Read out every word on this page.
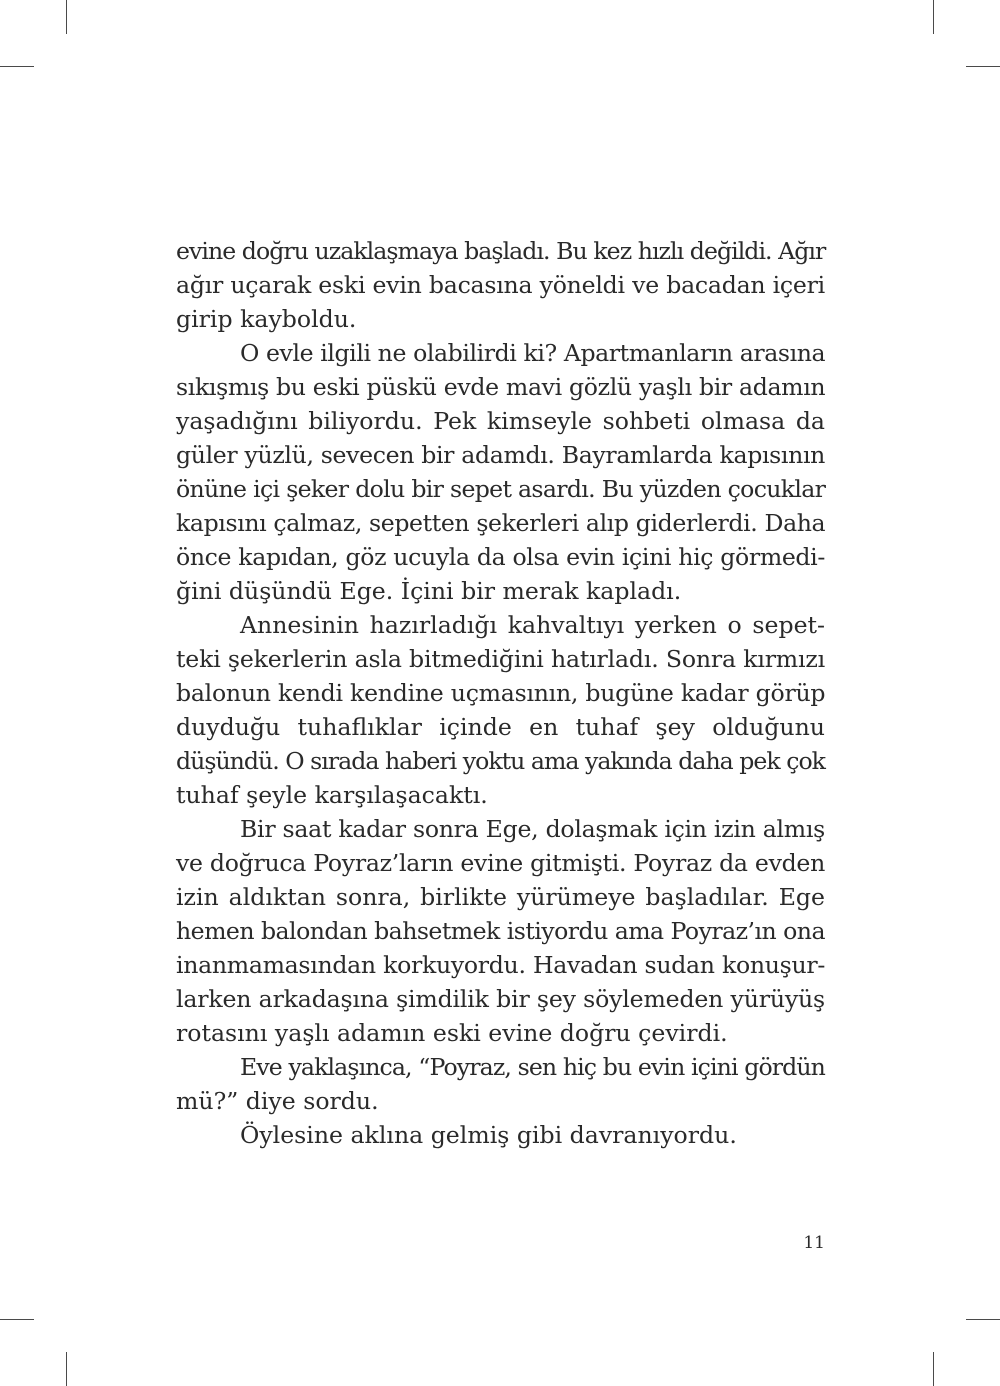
evine doğru uzaklaşmaya başladı. Bu kez hızlı değildi. Ağır
ağır uçarak eski evin bacasına yöneldi ve bacadan içeri
girip kayboldu.

O evle ilgili ne olabilirdi ki? Apartmanların arasına
sıkışmış bu eski püskü evde mavi gözlü yaşlı bir adamın
yaşadığını biliyordu. Pek kimseyle sohbeti olmasa da
güler yüzlü, sevecen bir adamdı. Bayramlarda kapısının
önüne içi şeker dolu bir sepet asardı. Bu yüzden çocuklar
kapısını çalmaz, sepetten şekerleri alıp giderlerdi. Daha
önce kapıdan, göz ucuyla da olsa evin içini hiç görmedi-
ğini düşündü Ege. İçini bir merak kapladı.

Annesinin hazırladığı kahvaltıyı yerken o sepet-
teki şekerlerin asla bitmediğini hatırladı. Sonra kırmızı
balonun kendi kendine uçmasının, bugüne kadar görüp
duyduğu tuhaflıklar içinde en tuhaf şey olduğunu
düşündü. O sırada haberi yoktu ama yakında daha pek çok
tuhaf şeyle karşılaşacaktı.

Bir saat kadar sonra Ege, dolaşmak için izin almış
ve doğruca Poyraz’ların evine gitmişti. Poyraz da evden
izin aldıktan sonra, birlikte yürümeye başladılar. Ege
hemen balondan bahsetmek istiyordu ama Poyraz’ın ona
inanmamasından korkuyordu. Havadan sudan konuşur-
larken arkadaşına şimdilik bir şey söylemeden yürüyüş
rotasını yaşlı adamın eski evine doğru çevirdi.

Eve yaklaşınca, “Poyraz, sen hiç bu evin içini gördün
mü?” diye sordu.

Öylesine aklına gelmiş gibi davranıyordu.

11
